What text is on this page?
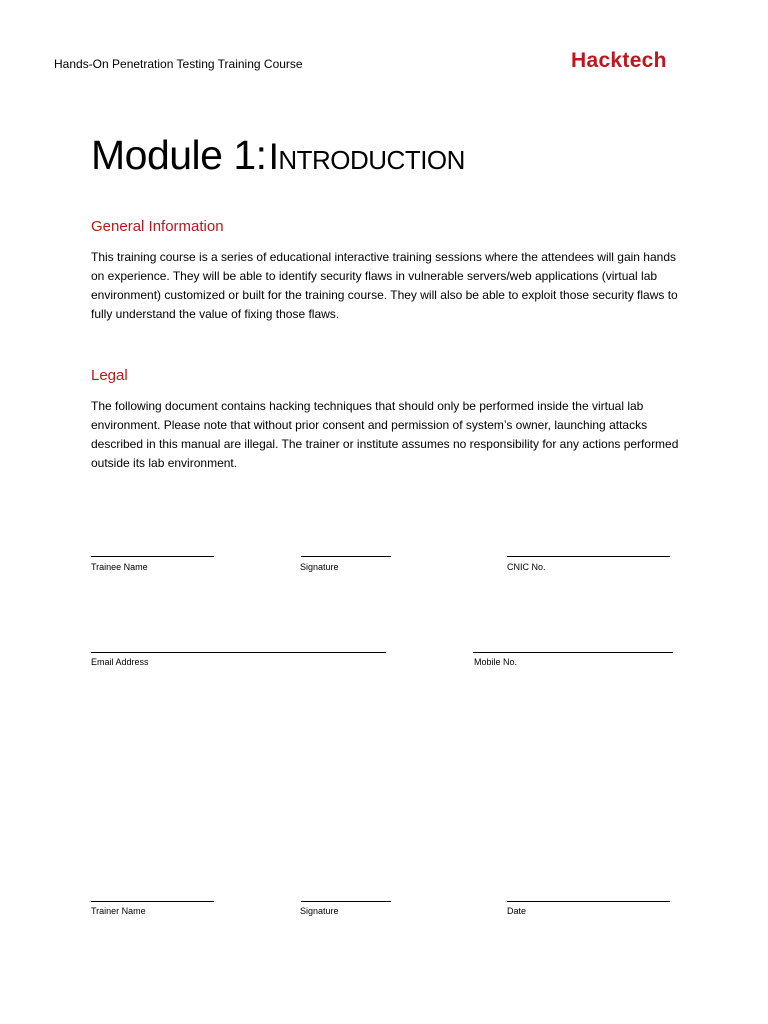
Hands-On Penetration Testing Training Course	Hacktech
Module 1:Introduction
General Information
This training course is a series of educational interactive training sessions where the attendees will gain hands on experience. They will be able to identify security flaws in vulnerable servers/web applications (virtual lab environment) customized or built for the training course. They will also be able to exploit those security flaws to fully understand the value of fixing those flaws.
Legal
The following document contains hacking techniques that should only be performed inside the virtual lab environment. Please note that without prior consent and permission of system’s owner, launching attacks described in this manual are illegal. The trainer or institute assumes no responsibility for any actions performed outside its lab environment.
Trainee Name	Signature	CNIC No.
Email Address	Mobile No.
Trainer Name	Signature	Date
